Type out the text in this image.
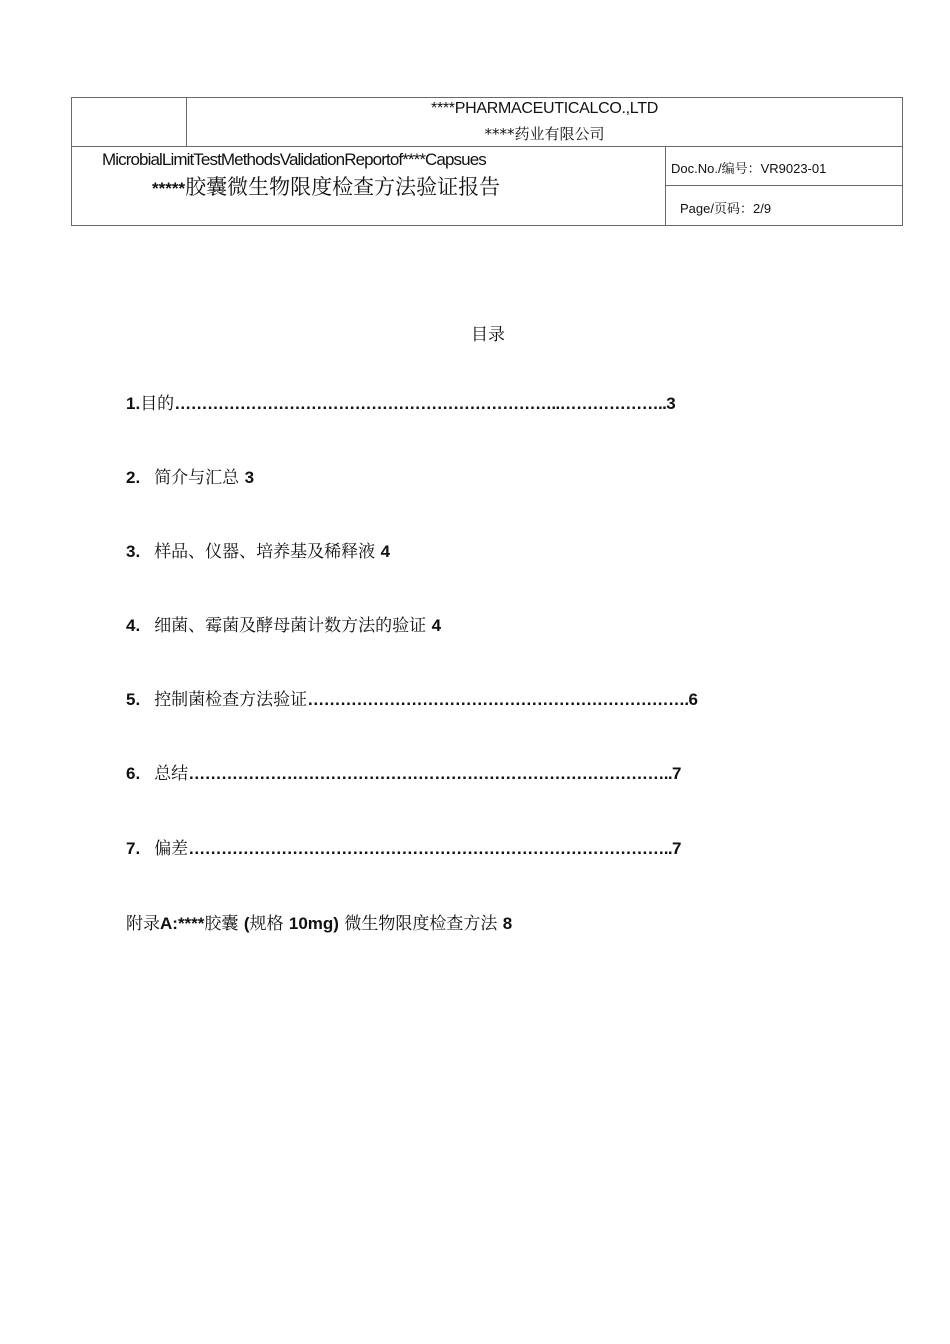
****PHARMACEUTICALCO.,LTD
****药业有限公司
MicrobialLimitTestMethodsValidationReportof****Capsues
*****胶囊微生物限度检查方法验证报告
Doc.No./编号：VR9023-01
Page/页码：2/9
目录
1.目的……………………………………………………………..………………..3
2. 简介与汇总 3
3. 样品、仪器、培养基及稀释液 4
4. 细菌、霉菌及酵母菌计数方法的验证 4
5. 控制菌检查方法验证…………………………………………………………….6
6. 总结……………………………………………………………………………..7
7. 偏差……………………………………………………………………………..7
附录A:****胶囊 (规格 10mg) 微生物限度检查方法 8
